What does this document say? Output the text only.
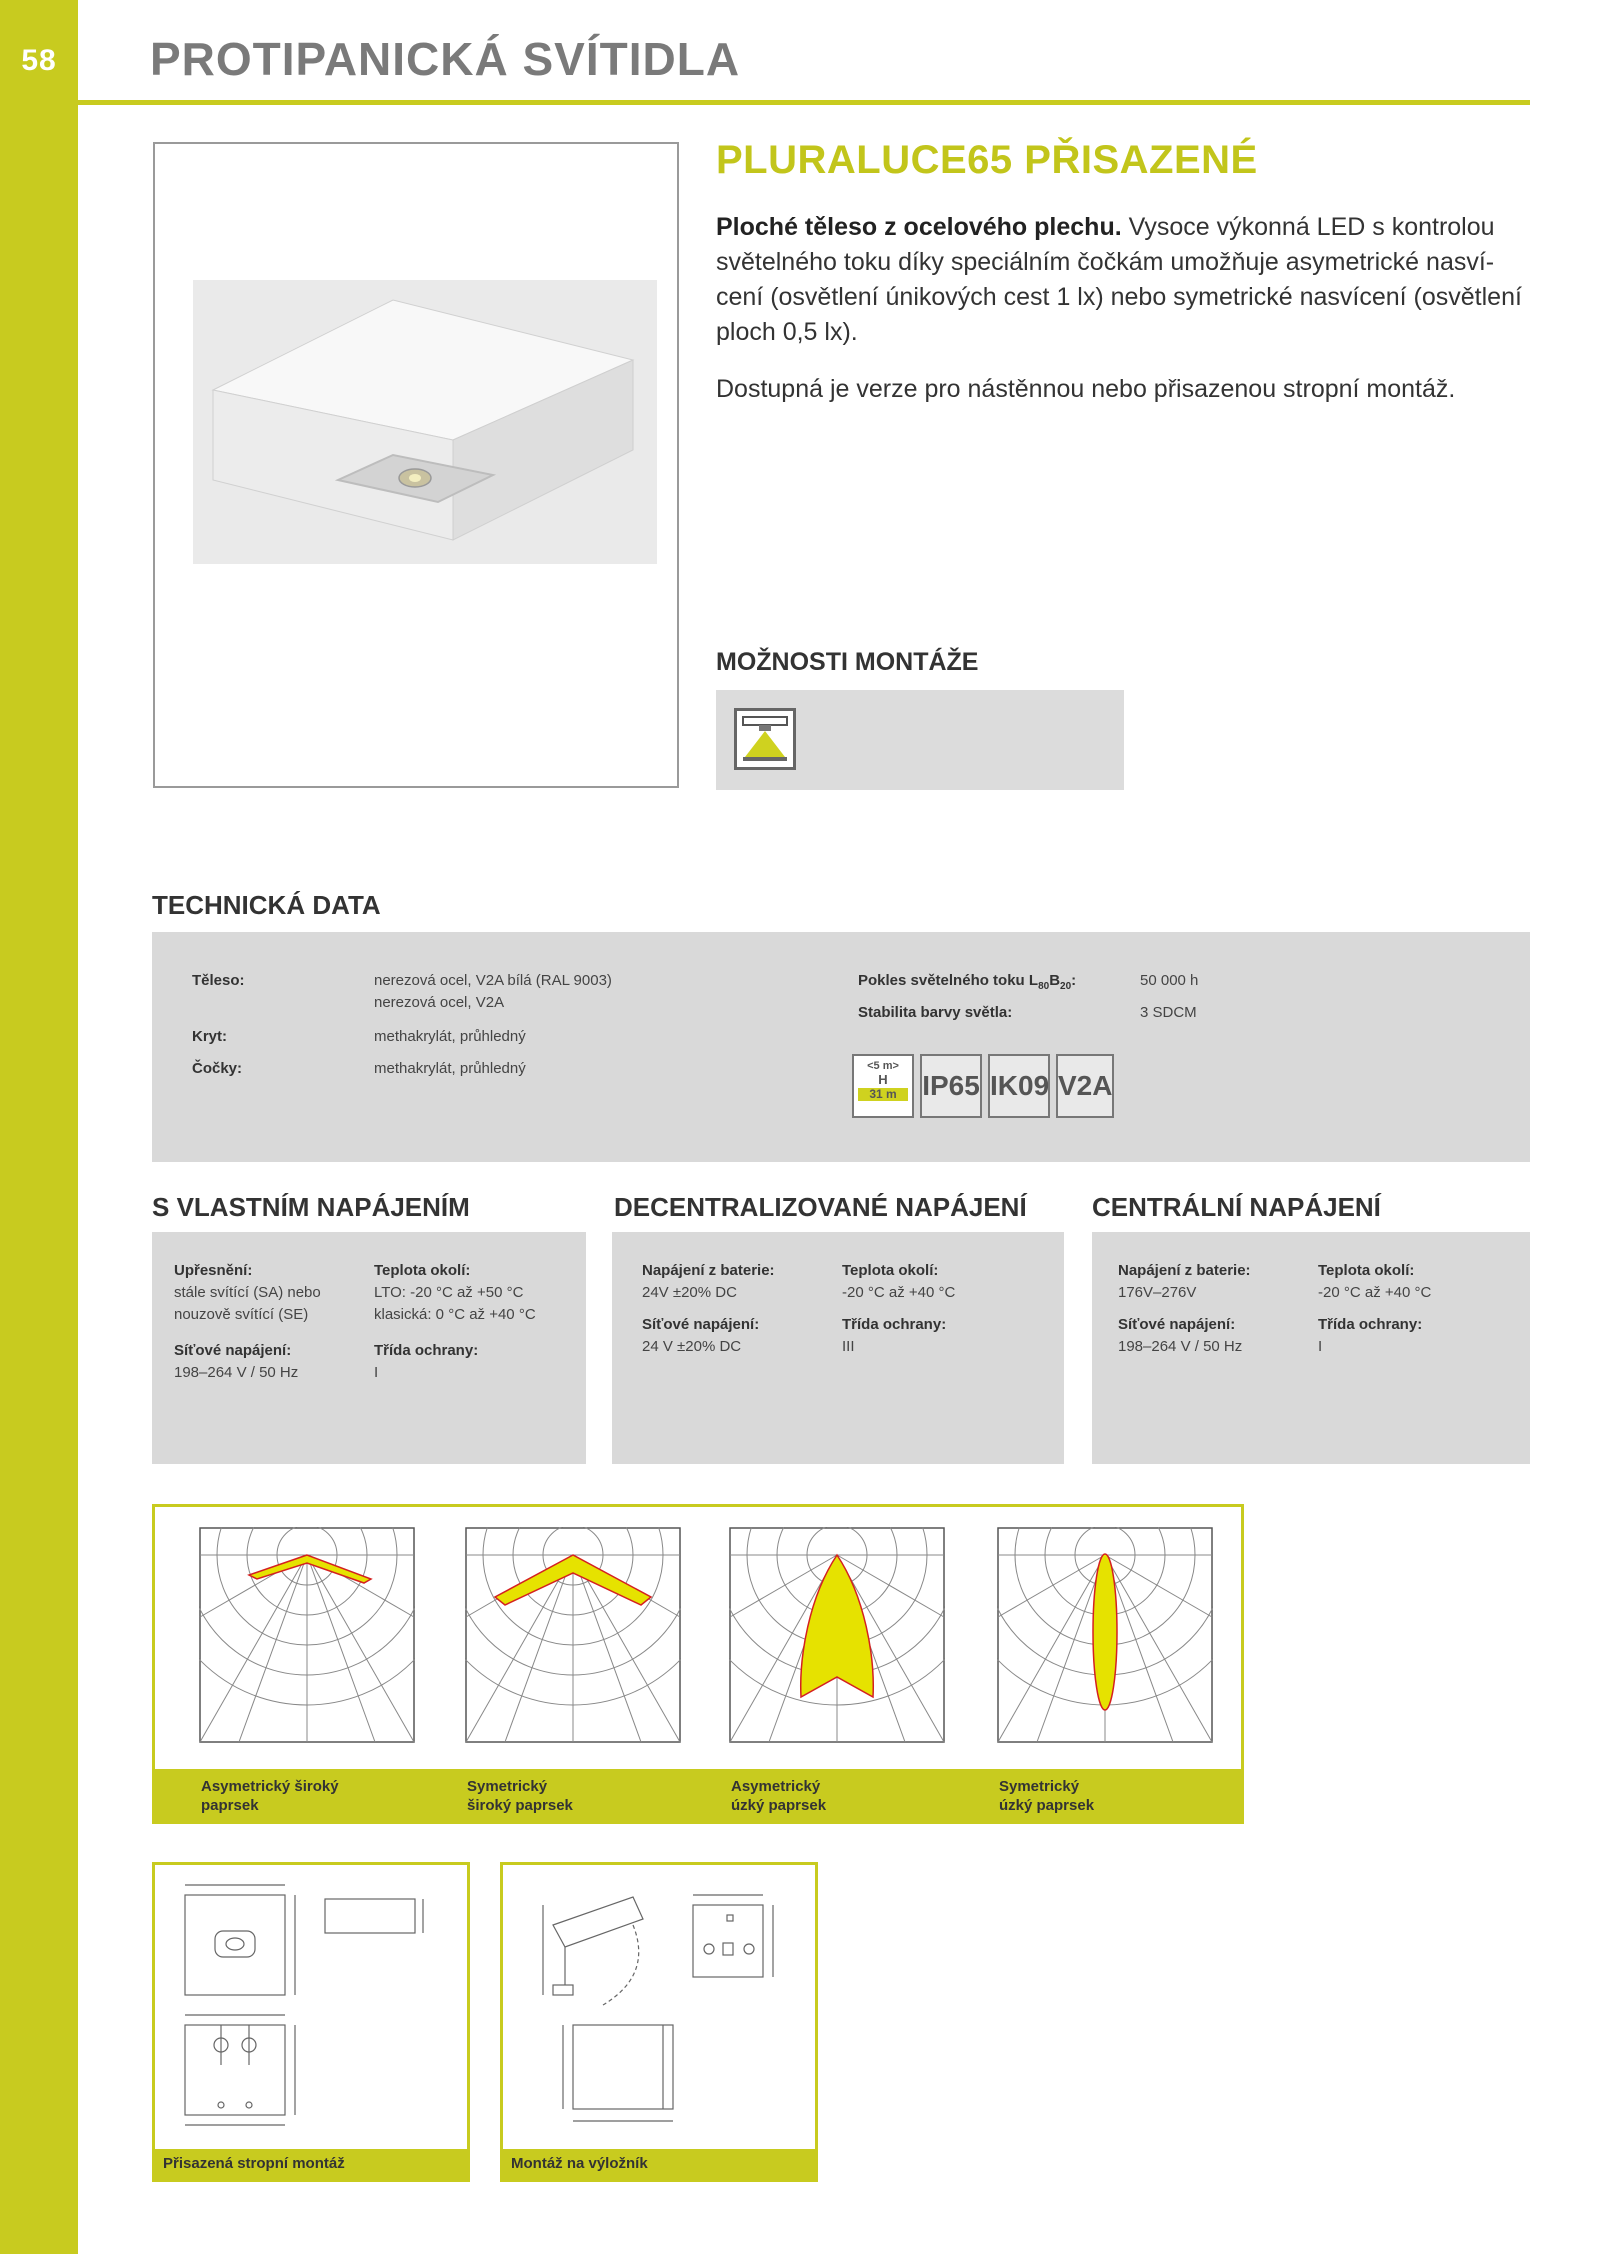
58	PROTIPANICKÁ SVÍTIDLA
PLURALUCE65 PŘISAZENÉ
Ploché těleso z ocelového plechu. Vysoce výkonná LED s kontrolou světelného toku díky speciálním čočkám umožňuje asymetrické nasví-cení (osvětlení únikových cest 1 lx) nebo symetrické nasvícení (osvětlení ploch 0,5 lx).
Dostupná je verze pro nástěnnou nebo přisazenou stropní montáž.
MOŽNOSTI MONTÁŽE
TECHNICKÁ DATA
Těleso:	nerezová ocel, V2A bílá (RAL 9003)
nerezová ocel, V2A
Kryt:	methakrylát, průhledný
Čočky:	methakrylát, průhledný
Pokles světelného toku $L_{80}B_{20}$:	50 000 h
Stabilita barvy světla:	3 SDCM
<5 m>
H
31 m IP65 IK09 V2A
S VLASTNÍM NAPÁJENÍM
Upřesnění:
stále svítící (SA) nebo
nouzově svítící (SE)
Síťové napájení:
198–264 V / 50 Hz
Teplota okolí:
LTO: -20 °C až +50 °C
klasická: 0 °C až +40 °C
Třída ochrany:
I
DECENTRALIZOVANÉ NAPÁJENÍ
Napájení z baterie:
24V ±20% DC
Síťové napájení:
24 V ±20% DC
Teplota okolí:
-20 °C až +40 °C
Třída ochrany:
III
CENTRÁLNÍ NAPÁJENÍ
Napájení z baterie:
176V–276V
Síťové napájení:
198–264 V / 50 Hz
Teplota okolí:
-20 °C až +40 °C
Třída ochrany:
I
Asymetrický široký
paprsek
Symetrický
široký paprsek
Asymetrický
úzký paprsek
Symetrický
úzký paprsek
Přisazená stropní montáž	Montáž na výložník
